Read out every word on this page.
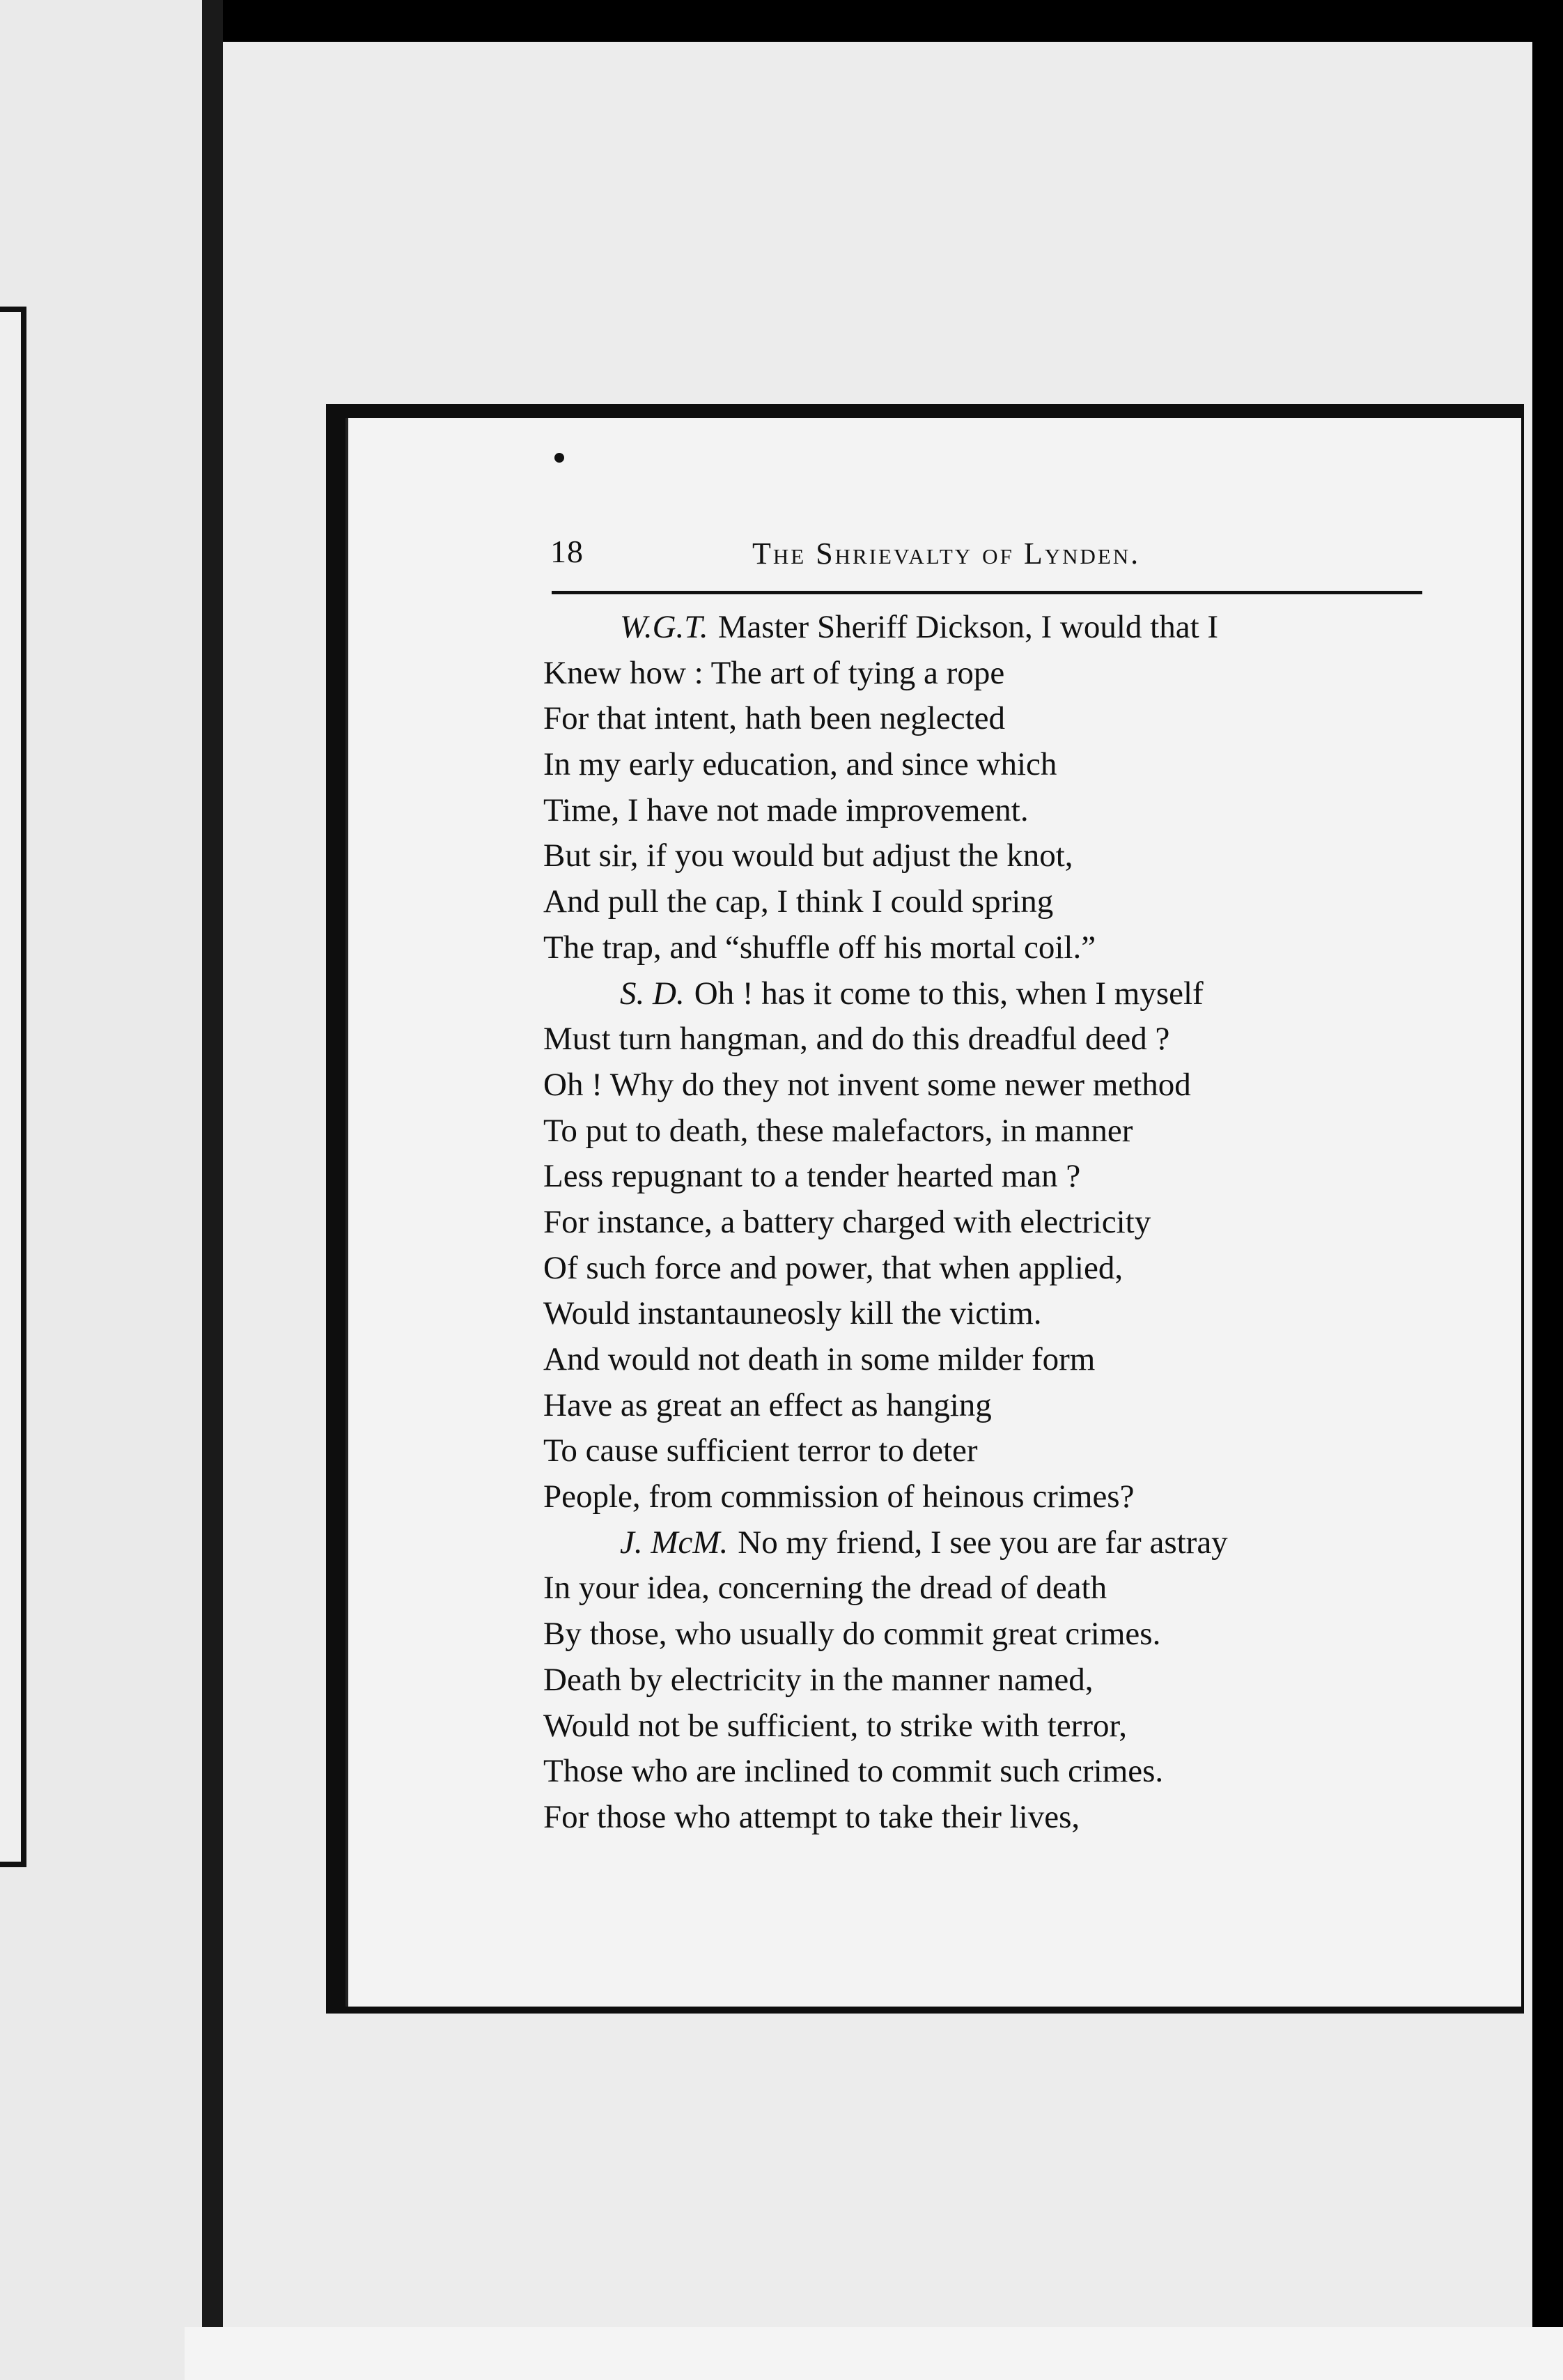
18	The Shrievalty of Lynden.
W.G.T. Master Sheriff Dickson, I would that I
Knew how : The art of tying a rope
For that intent, hath been neglected
In my early education, and since which
Time, I have not made improvement.
But sir, if you would but adjust the knot,
And pull the cap, I think I could spring
The trap, and “shuffle off his mortal coil.”
S. D. Oh ! has it come to this, when I myself
Must turn hangman, and do this dreadful deed ?
Oh ! Why do they not invent some newer method
To put to death, these malefactors, in manner
Less repugnant to a tender hearted man ?
For instance, a battery charged with electricity
Of such force and power, that when applied,
Would instantauneosly kill the victim.
And would not death in some milder form
Have as great an effect as hanging
To cause sufficient terror to deter
People, from commission of heinous crimes?
J. McM. No my friend, I see you are far astray
In your idea, concerning the dread of death
By those, who usually do commit great crimes.
Death by electricity in the manner named,
Would not be sufficient, to strike with terror,
Those who are inclined to commit such crimes.
For those who attempt to take their lives,
